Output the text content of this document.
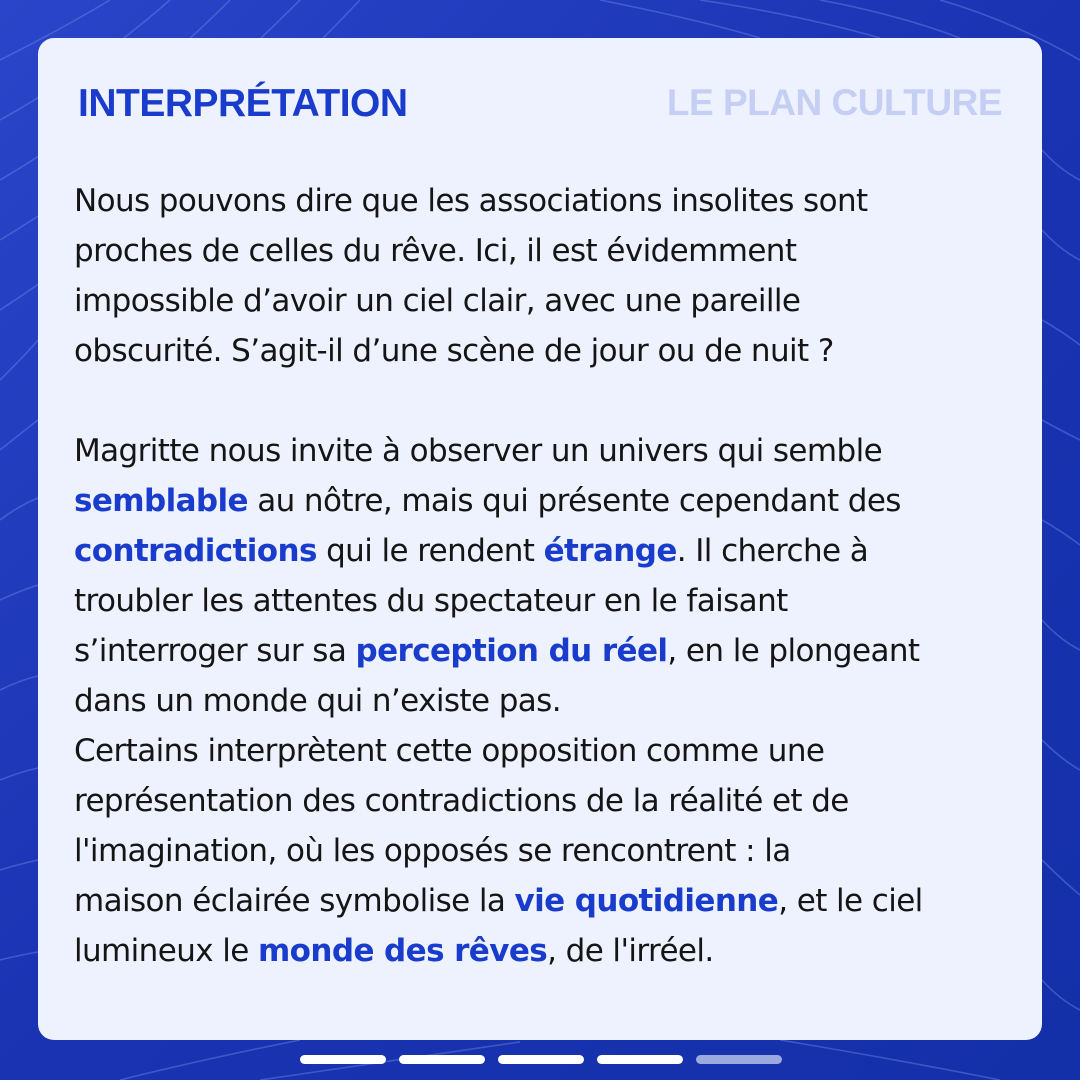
INTERPRÉTATION	LE PLAN CULTURE

Nous pouvons dire que les associations insolites sont

proches de celles du rêve. Ici, il est évidemment

impossible d’avoir un ciel clair, avec une pareille

obscurité. S’agit-il d’une scène de jour ou de nuit ?

Magritte nous invite à observer un univers qui semble

semblable au nôtre, mais qui présente cependant des

contradictions qui le rendent étrange. Il cherche à

troubler les attentes du spectateur en le faisant

s’interroger sur sa perception du réel, en le plongeant

dans un monde qui n’existe pas.

Certains interprètent cette opposition comme une

représentation des contradictions de la réalité et de

l'imagination, où les opposés se rencontrent : la

maison éclairée symbolise la vie quotidienne, et le ciel

lumineux le monde des rêves, de l'irréel.
